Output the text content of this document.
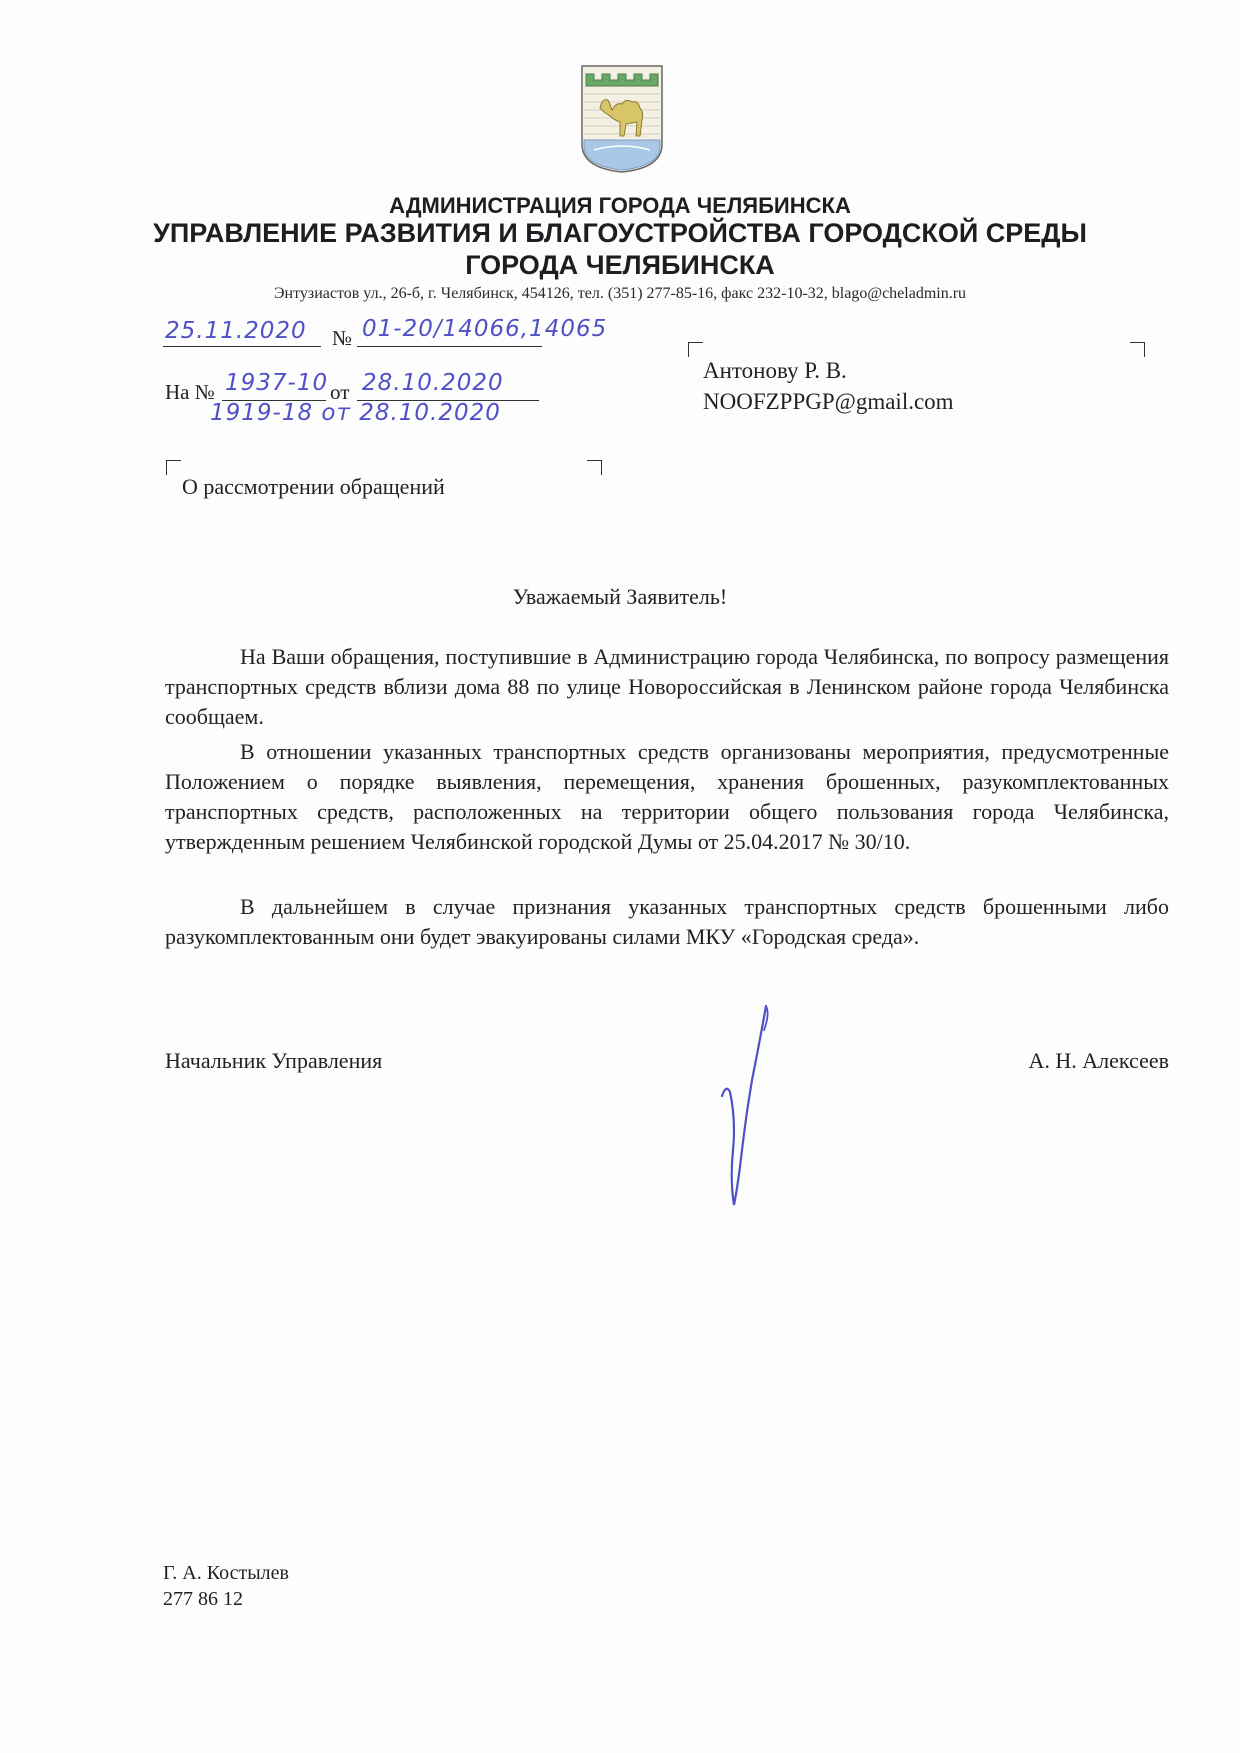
АДМИНИСТРАЦИЯ ГОРОДА ЧЕЛЯБИНСКА
УПРАВЛЕНИЕ РАЗВИТИЯ И БЛАГОУСТРОЙСТВА ГОРОДСКОЙ СРЕДЫ
ГОРОДА ЧЕЛЯБИНСКА
Энтузиастов ул., 26-б, г. Челябинск, 454126, тел. (351) 277-85-16, факс 232-10-32, blago@cheladmin.ru
25.11.2020 № 01-20/14066,14065
На № 1937-10 от 28.10.2020
1919-18 от 28.10.2020
Антонову Р. В.
NOOFZPPGP@gmail.com
О рассмотрении обращений
Уважаемый Заявитель!

На Ваши обращения, поступившие в Администрацию города Челябинска, по вопросу размещения транспортных средств вблизи дома 88 по улице Новороссийская в Ленинском районе города Челябинска сообщаем.

В отношении указанных транспортных средств организованы мероприятия, предусмотренные Положением о порядке выявления, перемещения, хранения брошенных, разукомплектованных транспортных средств, расположенных на территории общего пользования города Челябинска, утвержденным решением Челябинской городской Думы от 25.04.2017 № 30/10.

В дальнейшем в случае признания указанных транспортных средств брошенными либо разукомплектованным они будет эвакуированы силами МКУ «Городская среда».

Начальник Управления	А. Н. Алексеев
Г. А. Костылев
277 86 12
